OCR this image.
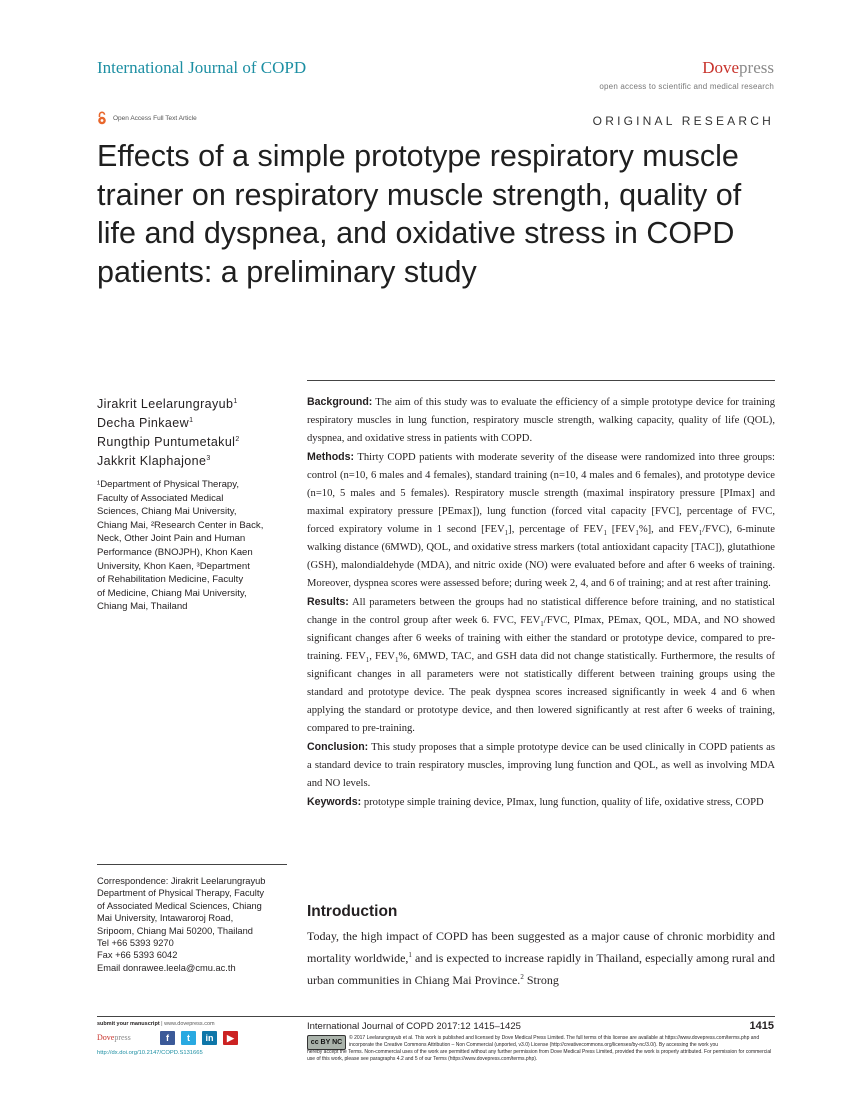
International Journal of COPD	Dovepress
open access to scientific and medical research
Open Access Full Text Article	ORIGINAL RESEARCH
Effects of a simple prototype respiratory muscle trainer on respiratory muscle strength, quality of life and dyspnea, and oxidative stress in COPD patients: a preliminary study
Jirakrit Leelarungrayub$^1$
Decha Pinkaew$^1$
Rungthip Puntumetakul$^2$
Jakkrit Klaphajone$^3$
¹Department of Physical Therapy,
Faculty of Associated Medical
Sciences, Chiang Mai University,
Chiang Mai, ²Research Center in Back,
Neck, Other Joint Pain and Human
Performance (BNOJPH), Khon Kaen
University, Khon Kaen, ³Department
of Rehabilitation Medicine, Faculty
of Medicine, Chiang Mai University,
Chiang Mai, Thailand
Correspondence: Jirakrit Leelarungrayub
Department of Physical Therapy, Faculty
of Associated Medical Sciences, Chiang
Mai University, Intawaroroj Road,
Sripoom, Chiang Mai 50200, Thailand
Tel +66 5393 9270
Fax +66 5393 6042
Email donrawee.leela@cmu.ac.th

Background: The aim of this study was to evaluate the efficiency of a simple prototype device for training respiratory muscles in lung function, respiratory muscle strength, walking capacity, quality of life (QOL), dyspnea, and oxidative stress in patients with COPD.

Methods: Thirty COPD patients with moderate severity of the disease were randomized into three groups: control (n=10, 6 males and 4 females), standard training (n=10, 4 males and 6 females), and prototype device (n=10, 5 males and 5 females). Respiratory muscle strength (maximal inspiratory pressure [PImax] and maximal expiratory pressure [PEmax]), lung function (forced vital capacity [FVC], percentage of FVC, forced expiratory volume in 1 second $[FEV_1]$, percentage of $FEV_1$ $[FEV_1\%]$, and $FEV_1/FVC$), 6-minute walking distance (6MWD), QOL, and oxidative stress markers (total antioxidant capacity [TAC]), glutathione (GSH), malondialdehyde (MDA), and nitric oxide (NO) were evaluated before and after 6 weeks of training. Moreover, dyspnea scores were assessed before; during week 2, 4, and 6 of training; and at rest after training.

Results: All parameters between the groups had no statistical difference before training, and no statistical change in the control group after week 6. FVC, $FEV_1$/FVC, PImax, PEmax, QOL, MDA, and NO showed significant changes after 6 weeks of training with either the standard or prototype device, compared to pre-training. $FEV_1$, $FEV_1\%$, 6MWD, TAC, and GSH data did not change statistically. Furthermore, the results of significant changes in all parameters were not statistically different between training groups using the standard and prototype device. The peak dyspnea scores increased significantly in week 4 and 6 when applying the standard or prototype device, and then lowered significantly at rest after 6 weeks of training, compared to pre-training.

Conclusion: This study proposes that a simple prototype device can be used clinically in COPD patients as a standard device to train respiratory muscles, improving lung function and QOL, as well as involving MDA and NO levels.

Keywords: prototype simple training device, PImax, lung function, quality of life, oxidative stress, COPD

Introduction

Today, the high impact of COPD has been suggested as a major cause of chronic morbidity and mortality worldwide,$^1$ and is expected to increase rapidly in Thailand, especially among rural and urban communities in Chiang Mai Province.$^2$ Strong

submit your manuscript | www.dovepress.com
Dovepress	f	t	in	▶
http://dx.doi.org/10.2147/COPD.S131665
International Journal of COPD 2017:12 1415–1425	1415
cc BY NC
© 2017 Leelarungrayub et al. This work is published and licensed by Dove Medical Press Limited. The full terms of this license are available at https://www.dovepress.com/terms.php and incorporate the Creative Commons Attribution – Non Commercial (unported, v3.0) License (http://creativecommons.org/licenses/by-nc/3.0/). By accessing the work you
hereby accept the Terms. Non-commercial uses of the work are permitted without any further permission from Dove Medical Press Limited, provided the work is properly attributed. For permission for commercial use of this work, please see paragraphs 4.2 and 5 of our Terms (https://www.dovepress.com/terms.php).
